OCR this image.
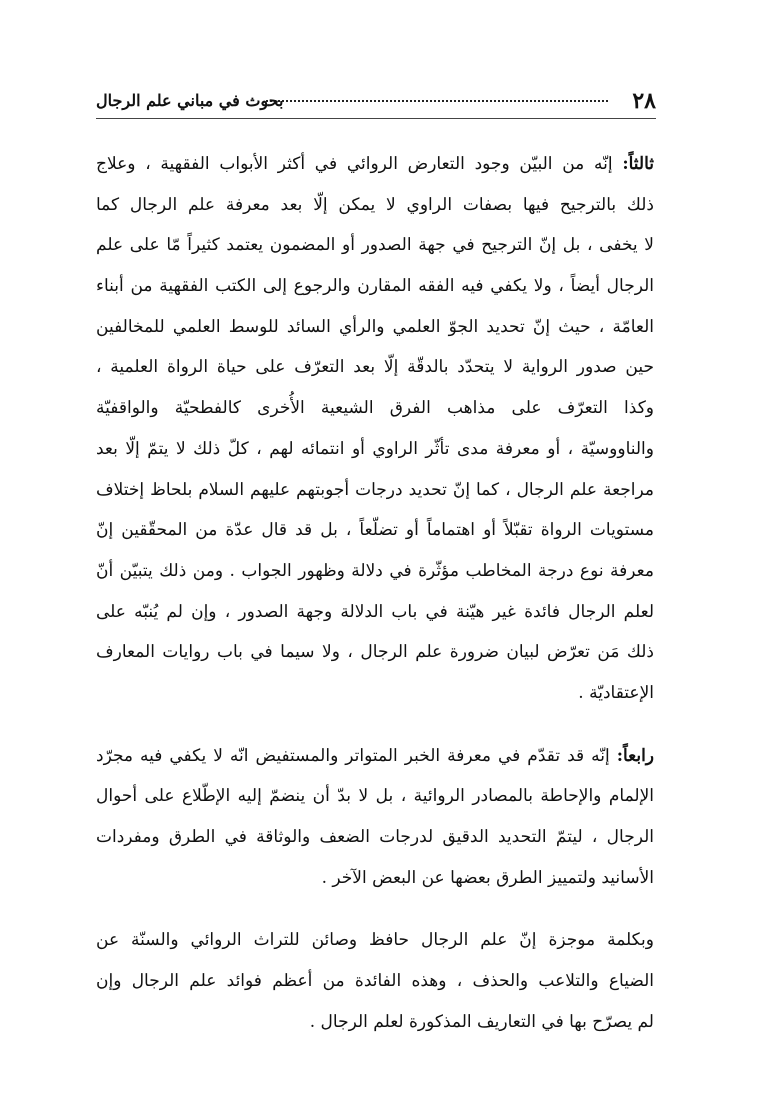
٢٨
بحوث في مباني علم الرجال
ثالثاً: إنّه من البيّن وجود التعارض الروائي في أكثر الأبواب الفقهية ، وعلاج
ذلك بالترجيح فيها بصفات الراوي لا يمكن إلّا بعد معرفة علم الرجال كما
لا يخفى ، بل إنّ الترجيح في جهة الصدور أو المضمون يعتمد كثيراً مّا على علم
الرجال أيضاً ، ولا يكفي فيه الفقه المقارن والرجوع إلى الكتب الفقهية من أبناء
العامّة ، حيث إنّ تحديد الجوّ العلمي والرأي السائد للوسط العلمي للمخالفين
حين صدور الرواية لا يتحدّد بالدقّة إلّا بعد التعرّف على حياة الرواة العلمية ،
وكذا التعرّف على مذاهب الفرق الشيعية الأُخرى كالفطحيّة والواقفيّة
والناووسيّة ، أو معرفة مدى تأثّر الراوي أو انتمائه لهم ، كلّ ذلك لا يتمّ إلّا بعد
مراجعة علم الرجال ، كما إنّ تحديد درجات أجوبتهم عليهم السلام بلحاظ إختلاف
مستويات الرواة تقبّلاً أو اهتماماً أو تضلّعاً ، بل قد قال عدّة من المحقّقين إنّ
معرفة نوع درجة المخاطب مؤثّرة في دلالة وظهور الجواب . ومن ذلك يتبيّن أنّ
لعلم الرجال فائدة غير هيّنة في باب الدلالة وجهة الصدور ، وإن لم يُنبّه على
ذلك مَن تعرّض لبيان ضرورة علم الرجال ، ولا سيما في باب روايات المعارف
الإعتقاديّة .
رابعاً: إنّه قد تقدّم في معرفة الخبر المتواتر والمستفيض انّه لا يكفي فيه مجرّد
الإلمام والإحاطة بالمصادر الروائية ، بل لا بدّ أن ينضمّ إليه الإطّلاع على أحوال
الرجال ، ليتمّ التحديد الدقيق لدرجات الضعف والوثاقة في الطرق ومفردات
الأسانيد ولتمييز الطرق بعضها عن البعض الآخر .
وبكلمة موجزة إنّ علم الرجال حافظ وصائن للتراث الروائي والسنّة عن
الضياع والتلاعب والحذف ، وهذه الفائدة من أعظم فوائد علم الرجال وإن
لم يصرّح بها في التعاريف المذكورة لعلم الرجال .
